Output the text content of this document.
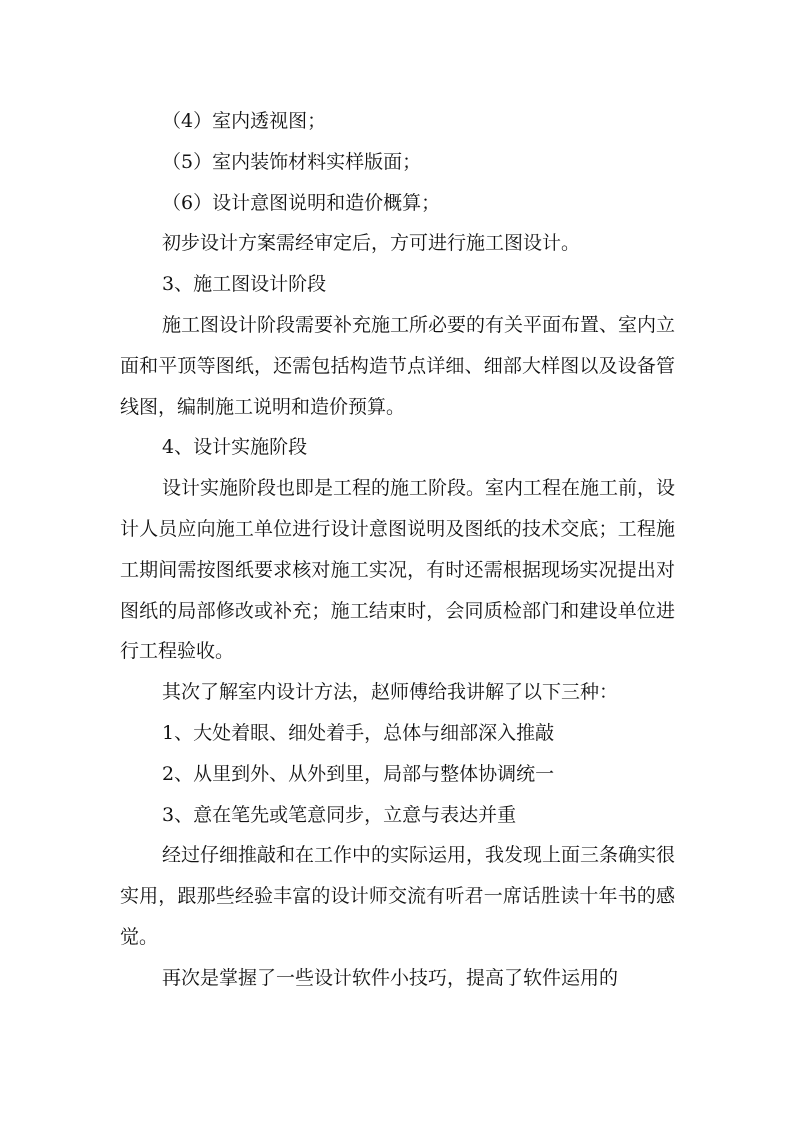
（4）室内透视图；

（5）室内装饰材料实样版面；

（6）设计意图说明和造价概算；

初步设计方案需经审定后，方可进行施工图设计。

3、施工图设计阶段

施工图设计阶段需要补充施工所必要的有关平面布置、室内立面和平顶等图纸，还需包括构造节点详细、细部大样图以及设备管线图，编制施工说明和造价预算。

4、设计实施阶段

设计实施阶段也即是工程的施工阶段。室内工程在施工前，设计人员应向施工单位进行设计意图说明及图纸的技术交底；工程施工期间需按图纸要求核对施工实况，有时还需根据现场实况提出对图纸的局部修改或补充；施工结束时，会同质检部门和建设单位进行工程验收。

其次了解室内设计方法，赵师傅给我讲解了以下三种：

1、大处着眼、细处着手，总体与细部深入推敲

2、从里到外、从外到里，局部与整体协调统一

3、意在笔先或笔意同步，立意与表达并重

经过仔细推敲和在工作中的实际运用，我发现上面三条确实很实用，跟那些经验丰富的设计师交流有听君一席话胜读十年书的感觉。

再次是掌握了一些设计软件小技巧，提高了软件运用的
